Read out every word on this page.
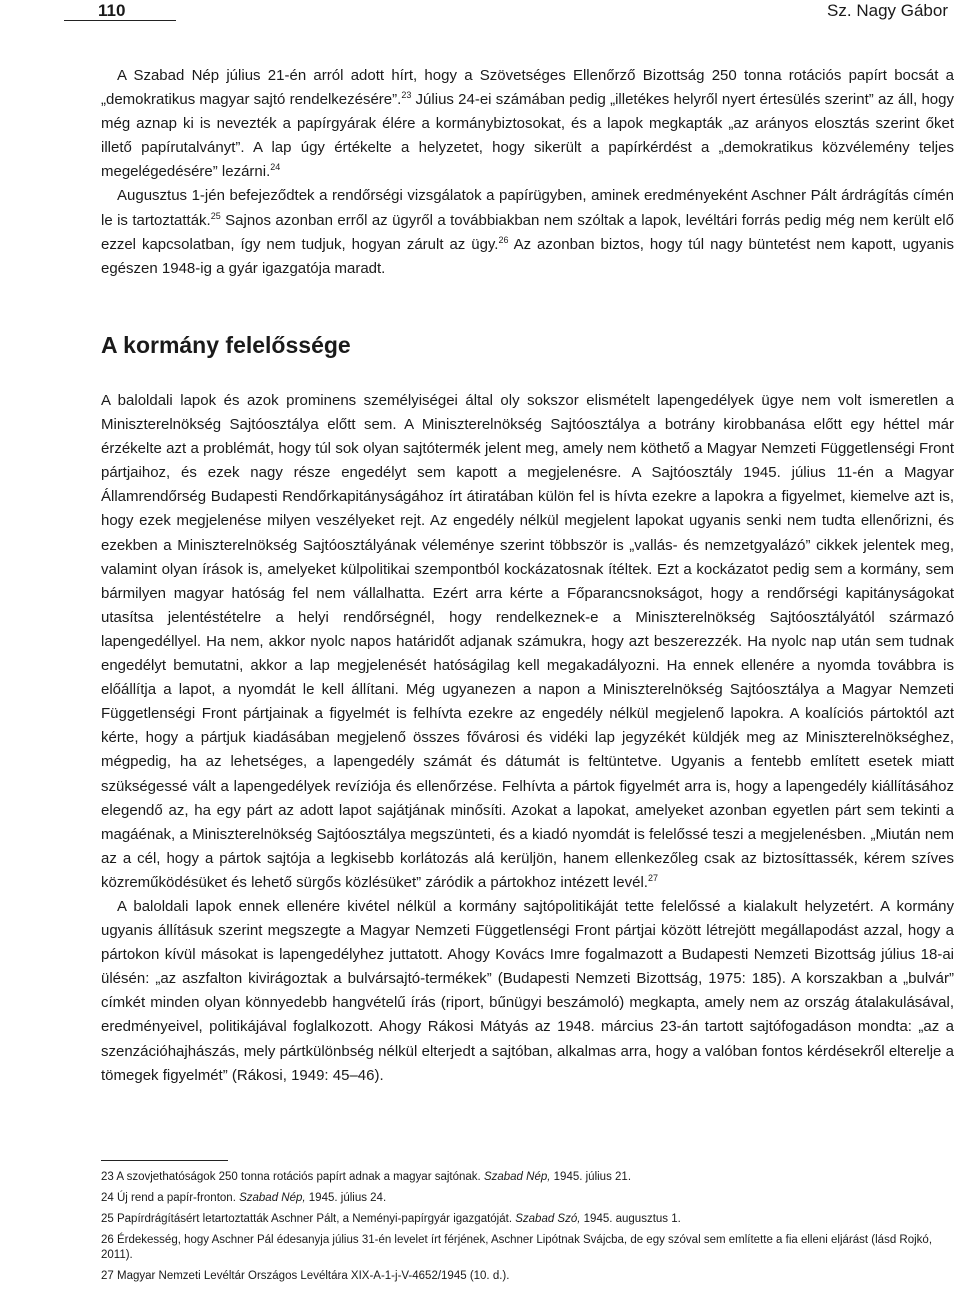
110	Sz. Nagy Gábor

A Szabad Nép július 21-én arról adott hírt, hogy a Szövetséges Ellenőrző Bizottság 250 tonna rotációs papírt bocsát a „demokratikus magyar sajtó rendelkezésére”.$^{23}$ Július 24-ei számában pedig „illetékes helyről nyert értesülés szerint” az áll, hogy még aznap ki is nevezték a papírgyárak élére a kormánybiztosokat, és a lapok megkapták „az arányos elosztás szerint őket illető papírutalványt”. A lap úgy értékelte a helyzetet, hogy sikerült a papírkérdést a „demokratikus közvélemény teljes megelégedésére” lezárni.$^{24}$

Augusztus 1-jén befejeződtek a rendőrségi vizsgálatok a papírügyben, aminek eredményeként Aschner Pált árdrágítás címén le is tartoztatták.$^{25}$ Sajnos azonban erről az ügyről a továbbiakban nem szóltak a lapok, levéltári forrás pedig még nem került elő ezzel kapcsolatban, így nem tudjuk, hogyan zárult az ügy.$^{26}$ Az azonban biztos, hogy túl nagy büntetést nem kapott, ugyanis egészen 1948-ig a gyár igazgatója maradt.

A kormány felelőssége

A baloldali lapok és azok prominens személyiségei által oly sokszor elismételt lapengedélyek ügye nem volt ismeretlen a Miniszterelnökség Sajtóosztálya előtt sem. A Miniszterelnökség Sajtóosztálya a botrány kirobbanása előtt egy héttel már érzékelte azt a problémát, hogy túl sok olyan sajtótermék jelent meg, amely nem köthető a Magyar Nemzeti Függetlenségi Front pártjaihoz, és ezek nagy része engedélyt sem kapott a megjelenésre. A Sajtóosztály 1945. július 11-én a Magyar Államrendőrség Budapesti Rendőrkapitányságához írt átiratában külön fel is hívta ezekre a lapokra a figyelmet, kiemelve azt is, hogy ezek megjelenése milyen veszélyeket rejt. Az engedély nélkül megjelent lapokat ugyanis senki nem tudta ellenőrizni, és ezekben a Miniszterelnökség Sajtóosztályának véleménye szerint többször is „vallás- és nemzetgyalázó” cikkek jelentek meg, valamint olyan írások is, amelyeket külpolitikai szempontból kockázatosnak ítéltek. Ezt a kockázatot pedig sem a kormány, sem bármilyen magyar hatóság fel nem vállalhatta. Ezért arra kérte a Főparancsnokságot, hogy a rendőrségi kapitányságokat utasítsa jelentéstételre a helyi rendőrségnél, hogy rendelkeznek-e a Miniszterelnökség Sajtóosztályától származó lapengedéllyel. Ha nem, akkor nyolc napos határidőt adjanak számukra, hogy azt beszerezzék. Ha nyolc nap után sem tudnak engedélyt bemutatni, akkor a lap megjelenését hatóságilag kell megakadályozni. Ha ennek ellenére a nyomda továbbra is előállítja a lapot, a nyomdát le kell állítani. Még ugyanezen a napon a Miniszterelnökség Sajtóosztálya a Magyar Nemzeti Függetlenségi Front pártjainak a figyelmét is felhívta ezekre az engedély nélkül megjelenő lapokra. A koalíciós pártoktól azt kérte, hogy a pártjuk kiadásában megjelenő összes fővárosi és vidéki lap jegyzékét küldjék meg az Miniszterelnökséghez, mégpedig, ha az lehetséges, a lapengedély számát és dátumát is feltüntetve. Ugyanis a fentebb említett esetek miatt szükségessé vált a lapengedélyek revíziója és ellenőrzése. Felhívta a pártok figyelmét arra is, hogy a lapengedély kiállításához elegendő az, ha egy párt az adott lapot sajátjának minősíti. Azokat a lapokat, amelyeket azonban egyetlen párt sem tekinti a magáénak, a Miniszterelnökség Sajtóosztálya megszünteti, és a kiadó nyomdát is felelőssé teszi a megjelenésben. „Miután nem az a cél, hogy a pártok sajtója a legkisebb korlátozás alá kerüljön, hanem ellenkezőleg csak az biztosíttassék, kérem szíves közreműködésüket és lehető sürgős közlésüket” záródik a pártokhoz intézett levél.$^{27}$

A baloldali lapok ennek ellenére kivétel nélkül a kormány sajtópolitikáját tette felelőssé a kialakult helyzetért. A kormány ugyanis állításuk szerint megszegte a Magyar Nemzeti Függetlenségi Front pártjai között létrejött megállapodást azzal, hogy a pártokon kívül másokat is lapengedélyhez juttatott. Ahogy Kovács Imre fogalmazott a Budapesti Nemzeti Bizottság július 18-ai ülésén: „az aszfalton kivirágoztak a bulvársajtó-termékek” (Budapesti Nemzeti Bizottság, 1975: 185). A korszakban a „bulvár” címkét minden olyan könnyedebb hangvételű írás (riport, bűnügyi beszámoló) megkapta, amely nem az ország átalakulásával, eredményeivel, politikájával foglalkozott. Ahogy Rákosi Mátyás az 1948. március 23-án tartott sajtófogadáson mondta: „az a szenzációhajhászás, mely pártkülönbség nélkül elterjedt a sajtóban, alkalmas arra, hogy a valóban fontos kérdésekről elterelje a tömegek figyelmét” (Rákosi, 1949: 45–46).

23 A szovjethatóságok 250 tonna rotációs papírt adnak a magyar sajtónak. Szabad Nép, 1945. július 21.

24 Új rend a papír-fronton. Szabad Nép, 1945. július 24.

25 Papírdrágításért letartoztatták Aschner Pált, a Neményi-papírgyár igazgatóját. Szabad Szó, 1945. augusztus 1.

26 Érdekesség, hogy Aschner Pál édesanyja július 31-én levelet írt férjének, Aschner Lipótnak Svájcba, de egy szóval sem említette a fia elleni eljárást (lásd Rojkó, 2011).

27 Magyar Nemzeti Levéltár Országos Levéltára XIX-A-1-j-V-4652/1945 (10. d.).
